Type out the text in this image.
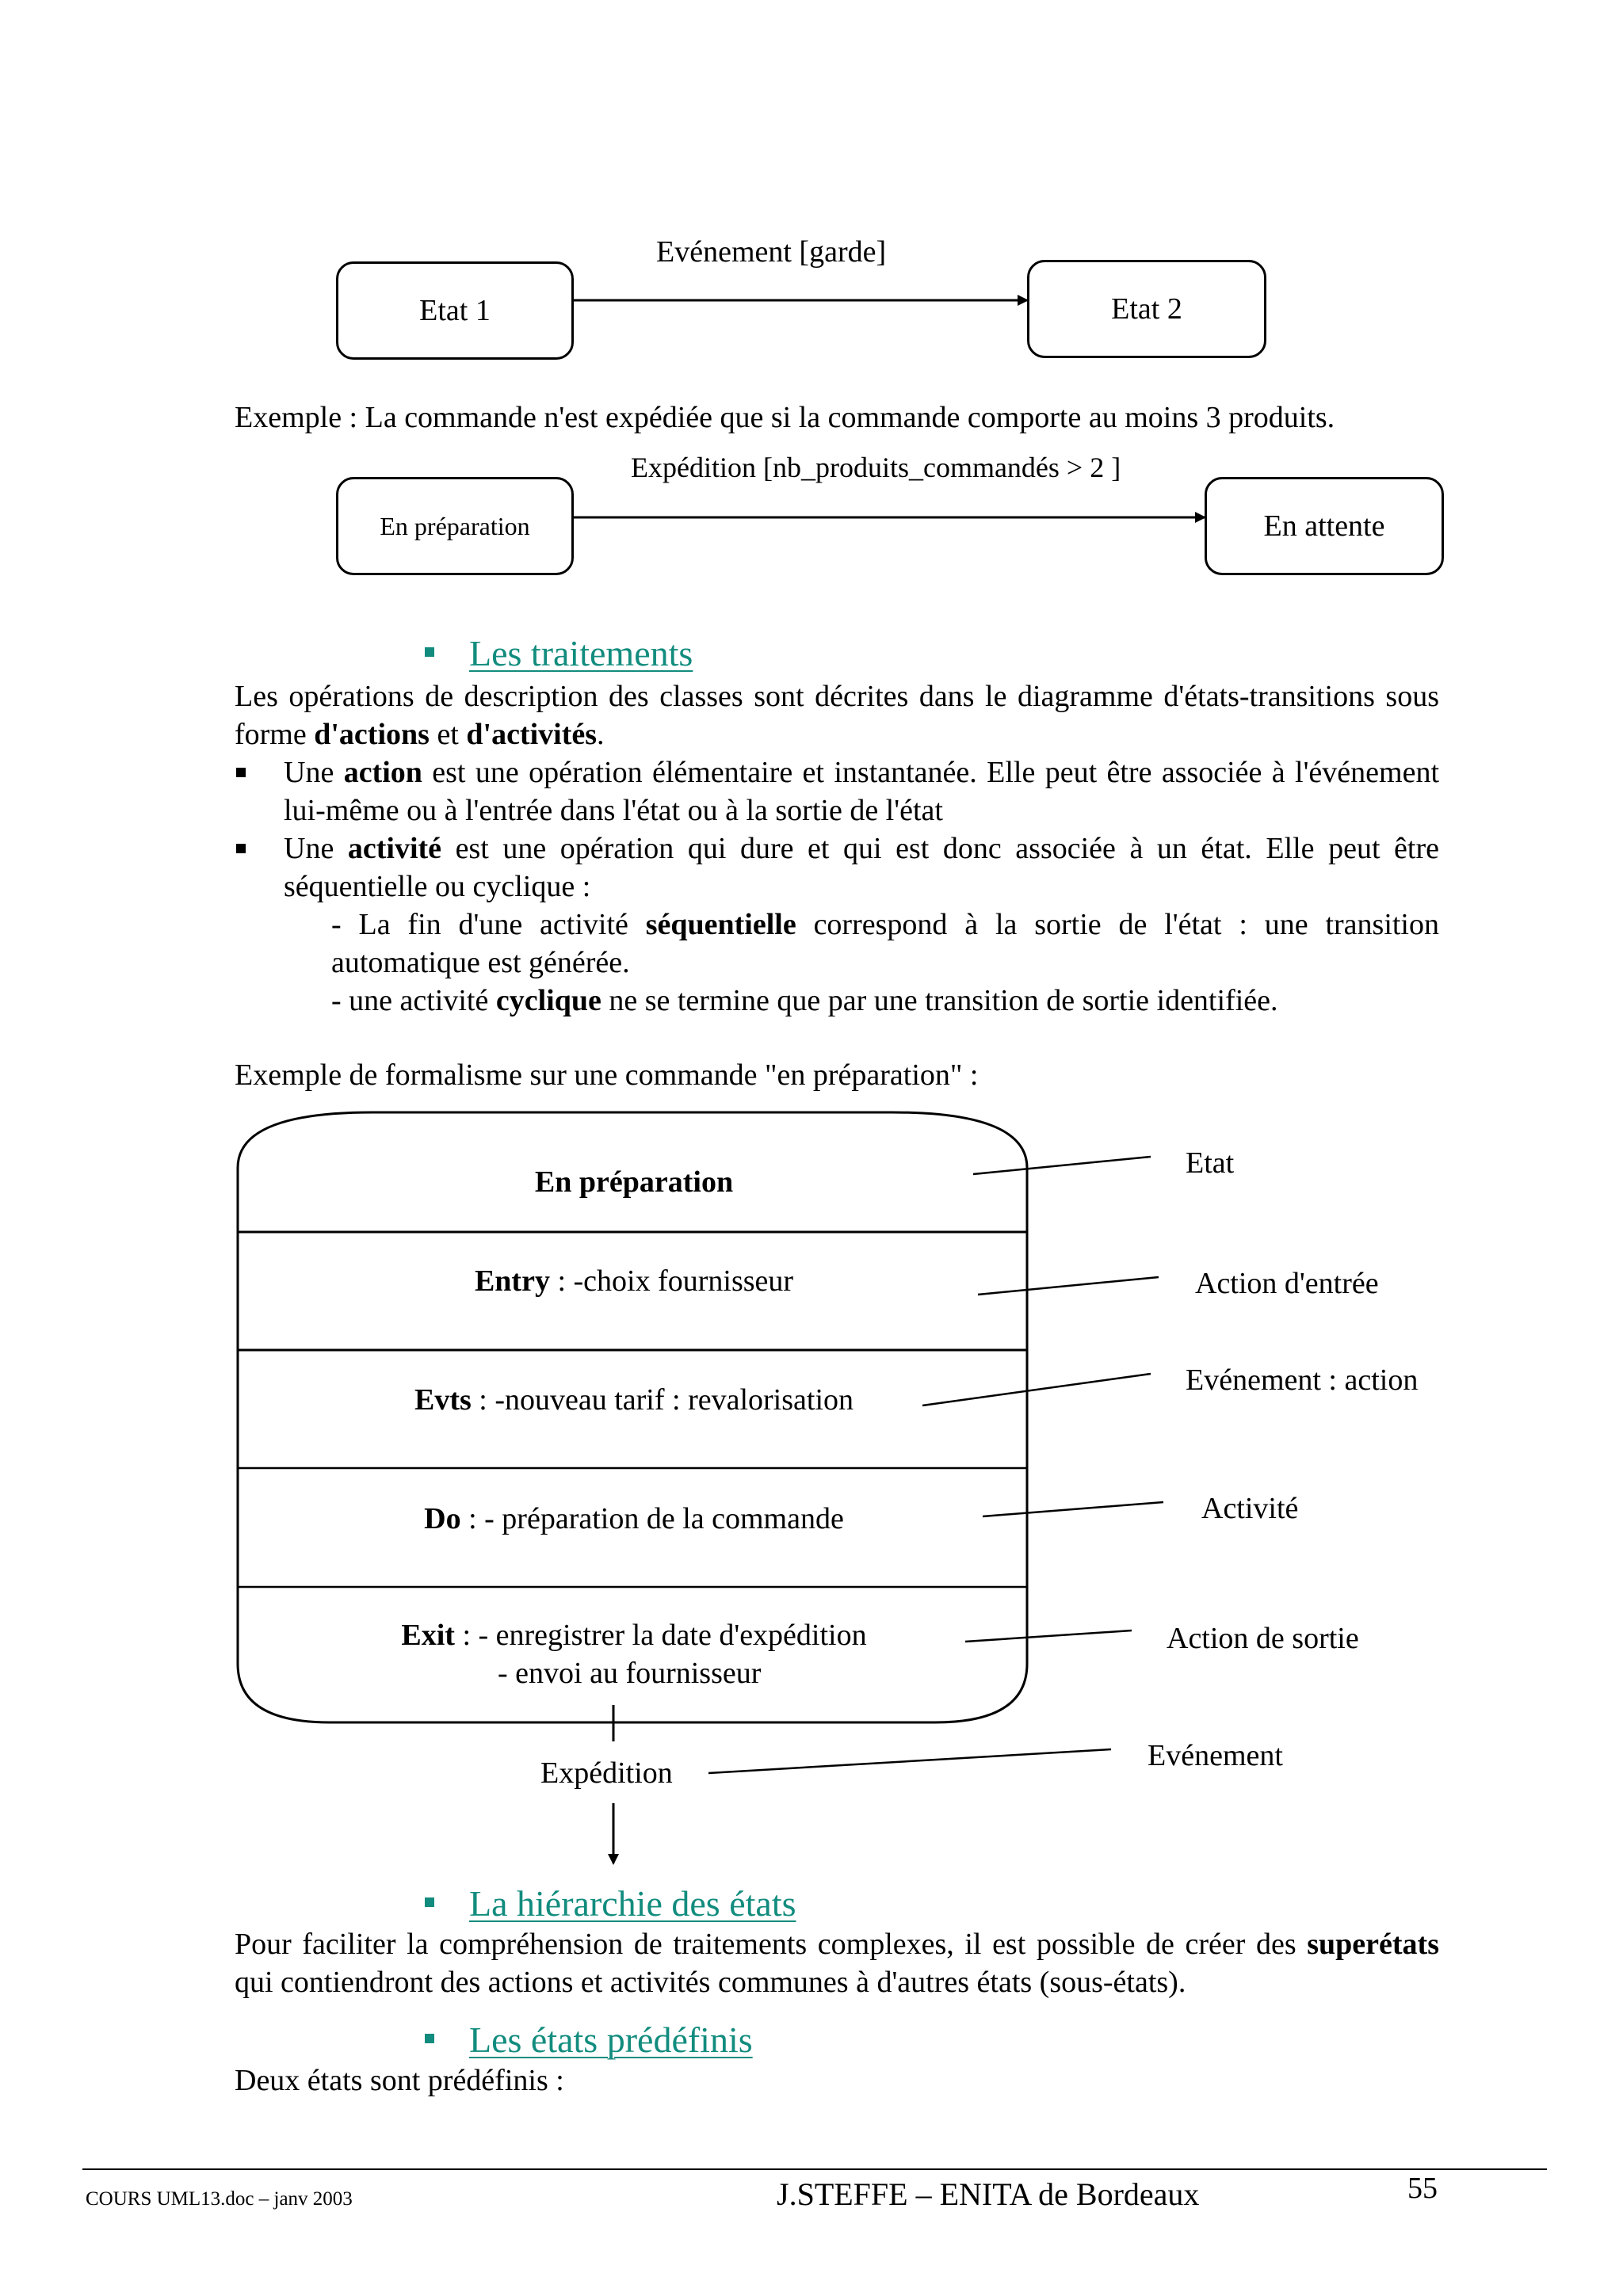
Evénement [garde]
Etat 1	Etat 2
Exemple : La commande n'est expédiée que si la commande comporte au moins 3 produits.
Expédition [nb_produits_commandés > 2 ]
En préparation	En attente
Les traitements

Les opérations de description des classes sont décrites dans le diagramme d'états-transitions sous forme d'actions et d'activités.

Une action est une opération élémentaire et instantanée. Elle peut être associée à l'événement lui-même ou à l'entrée dans l'état ou à la sortie de l'état
Une activité est une opération qui dure et qui est donc associée à un état. Elle peut être séquentielle ou cyclique :
- La fin d'une activité séquentielle correspond à la sortie de l'état : une transition automatique est générée.
- une activité cyclique ne se termine que par une transition de sortie identifiée.
Exemple de formalisme sur une commande "en préparation" :
En préparation
Entry : -choix fournisseur
Evts : -nouveau tarif : revalorisation
Do : - préparation de la commande
Exit : - enregistrer la date d'expédition
- envoi au fournisseur
Expédition
Etat
Action d'entrée
Evénement : action
Activité
Action de sortie
Evénement
La hiérarchie des états

Pour faciliter la compréhension de traitements complexes, il est possible de créer des superétats qui contiendront des actions et activités communes à d'autres états (sous-états).

Les états prédéfinis
Deux états sont prédéfinis :
COURS UML13.doc – janv 2003	J.STEFFE – ENITA de Bordeaux	55
